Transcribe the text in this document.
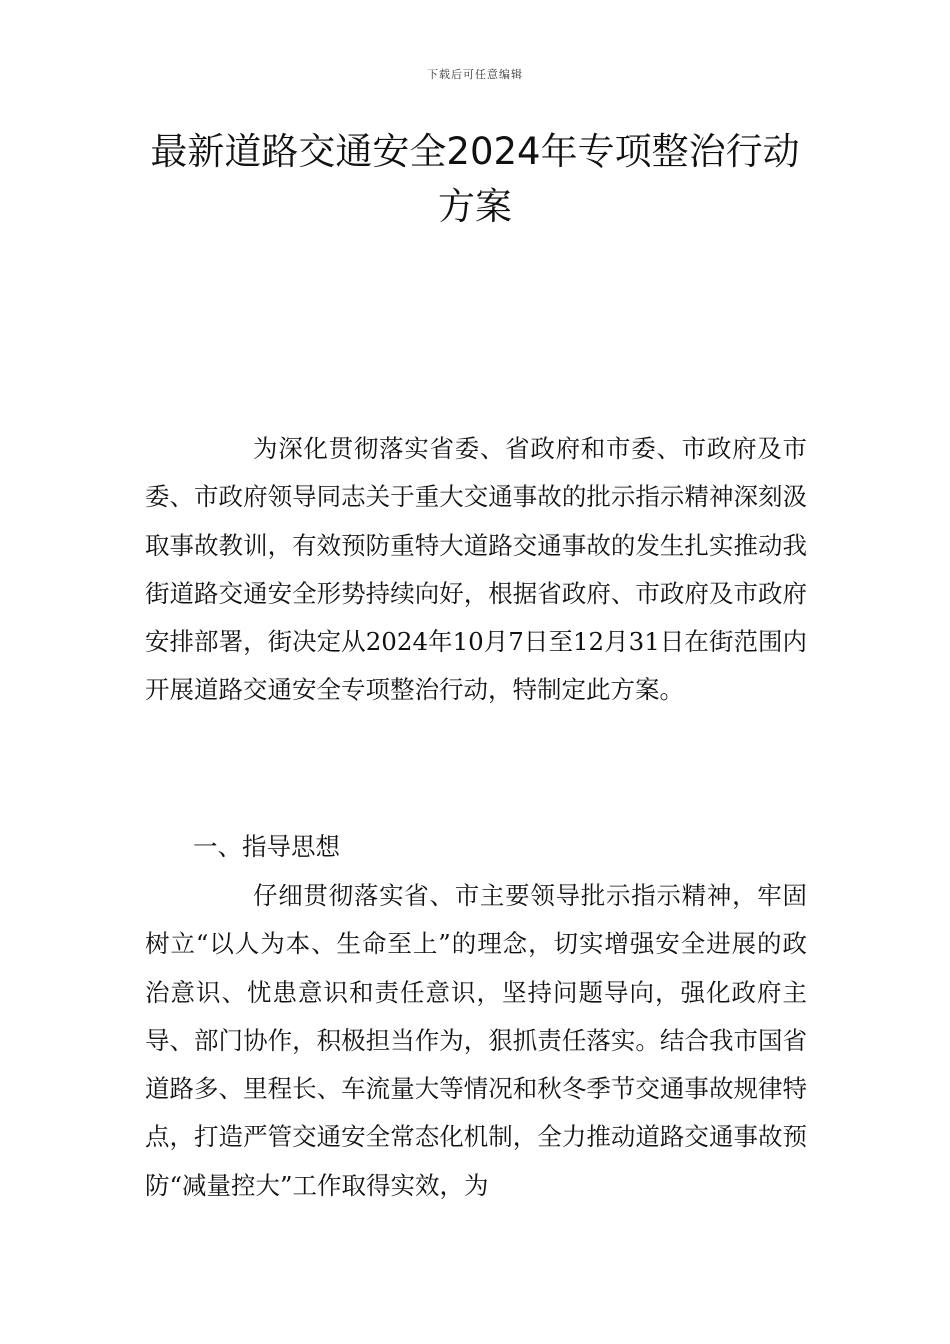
下载后可任意编辑
最新道路交通安全2024年专项整治行动方案

为深化贯彻落实省委、省政府和市委、市政府及市委、市政府领导同志关于重大交通事故的批示指示精神深刻汲取事故教训，有效预防重特大道路交通事故的发生扎实推动我街道路交通安全形势持续向好，根据省政府、市政府及市政府安排部署，街决定从2024年10月7日至12月31日在街范围内开展道路交通安全专项整治行动，特制定此方案。

一、指导思想

仔细贯彻落实省、市主要领导批示指示精神，牢固树立“以人为本、生命至上”的理念，切实增强安全进展的政治意识、忧患意识和责任意识，坚持问题导向，强化政府主导、部门协作，积极担当作为，狠抓责任落实。结合我市国省道路多、里程长、车流量大等情况和秋冬季节交通事故规律特点，打造严管交通安全常态化机制，全力推动道路交通事故预防“减量控大”工作取得实效，为
